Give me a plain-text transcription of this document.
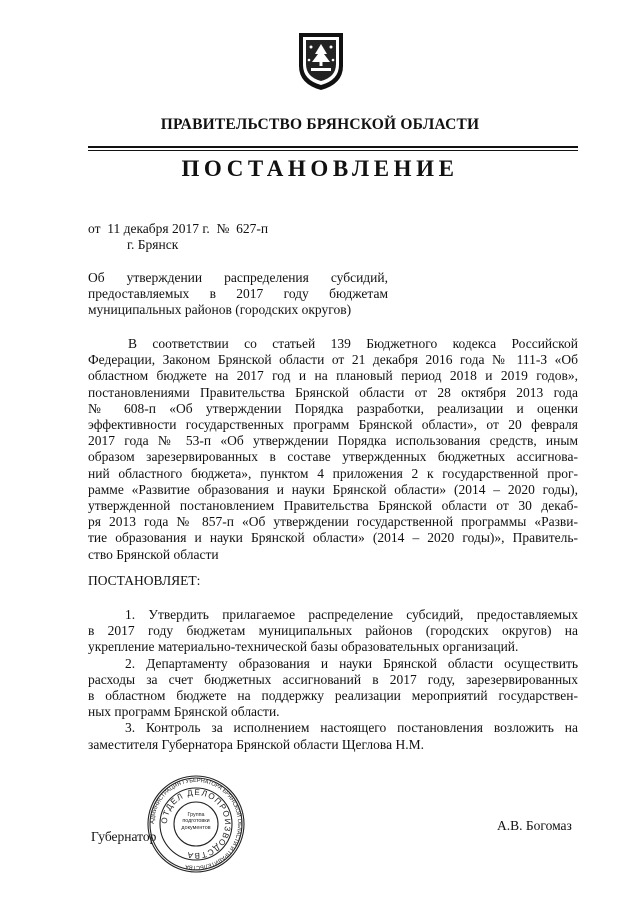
ПРАВИТЕЛЬСТВО БРЯНСКОЙ ОБЛАСТИ
ПОСТАНОВЛЕНИЕ
от  11 декабря 2017 г.  №  627-п
г. Брянск
Об утверждении распределения субсидий,
предоставляемых в 2017 году бюджетам
муниципальных районов (городских округов)
В соответствии со статьей 139 Бюджетного кодекса Российской
Федерации, Законом Брянской области от 21 декабря 2016 года № 111-З «Об
областном бюджете на 2017 год и на плановый период 2018 и 2019 годов»,
постановлениями Правительства Брянской области от 28 октября 2013 года
№ 608-п «Об утверждении Порядка разработки, реализации и оценки
эффективности государственных программ Брянской области», от 20 февраля
2017 года № 53-п «Об утверждении Порядка использования средств, иным
образом зарезервированных в составе утвержденных бюджетных ассигнова-
ний областного бюджета», пунктом 4 приложения 2 к государственной прог-
рамме «Развитие образования и науки Брянской области» (2014 – 2020 годы),
утвержденной постановлением Правительства Брянской области от 30 декаб-
ря 2013 года № 857-п «Об утверждении государственной программы «Разви-
тие образования и науки Брянской области» (2014 – 2020 годы)», Правитель-
ство Брянской области
ПОСТАНОВЛЯЕТ:
1. Утвердить прилагаемое распределение субсидий, предоставляемых
в 2017 году бюджетам муниципальных районов (городских округов) на
укрепление материально-технической базы образовательных организаций.
2. Департаменту образования и науки Брянской области осуществить
расходы за счет бюджетных ассигнований в 2017 году, зарезервированных
в областном бюджете на поддержку реализации мероприятий государствен-
ных программ Брянской области.
3. Контроль за исполнением настоящего постановления возложить на
заместителя Губернатора Брянской области Щеглова Н.М.
Губернатор
А.В. Богомаз
АДМИНИСТРАЦИЯ ГУБЕРНАТОРА БРЯНСКОЙ ОБЛАСТИ И ПРАВИТЕЛЬСТВА
ОТДЕЛ ДЕЛОПРОИЗВОДСТВА
Группа подготовки документов
